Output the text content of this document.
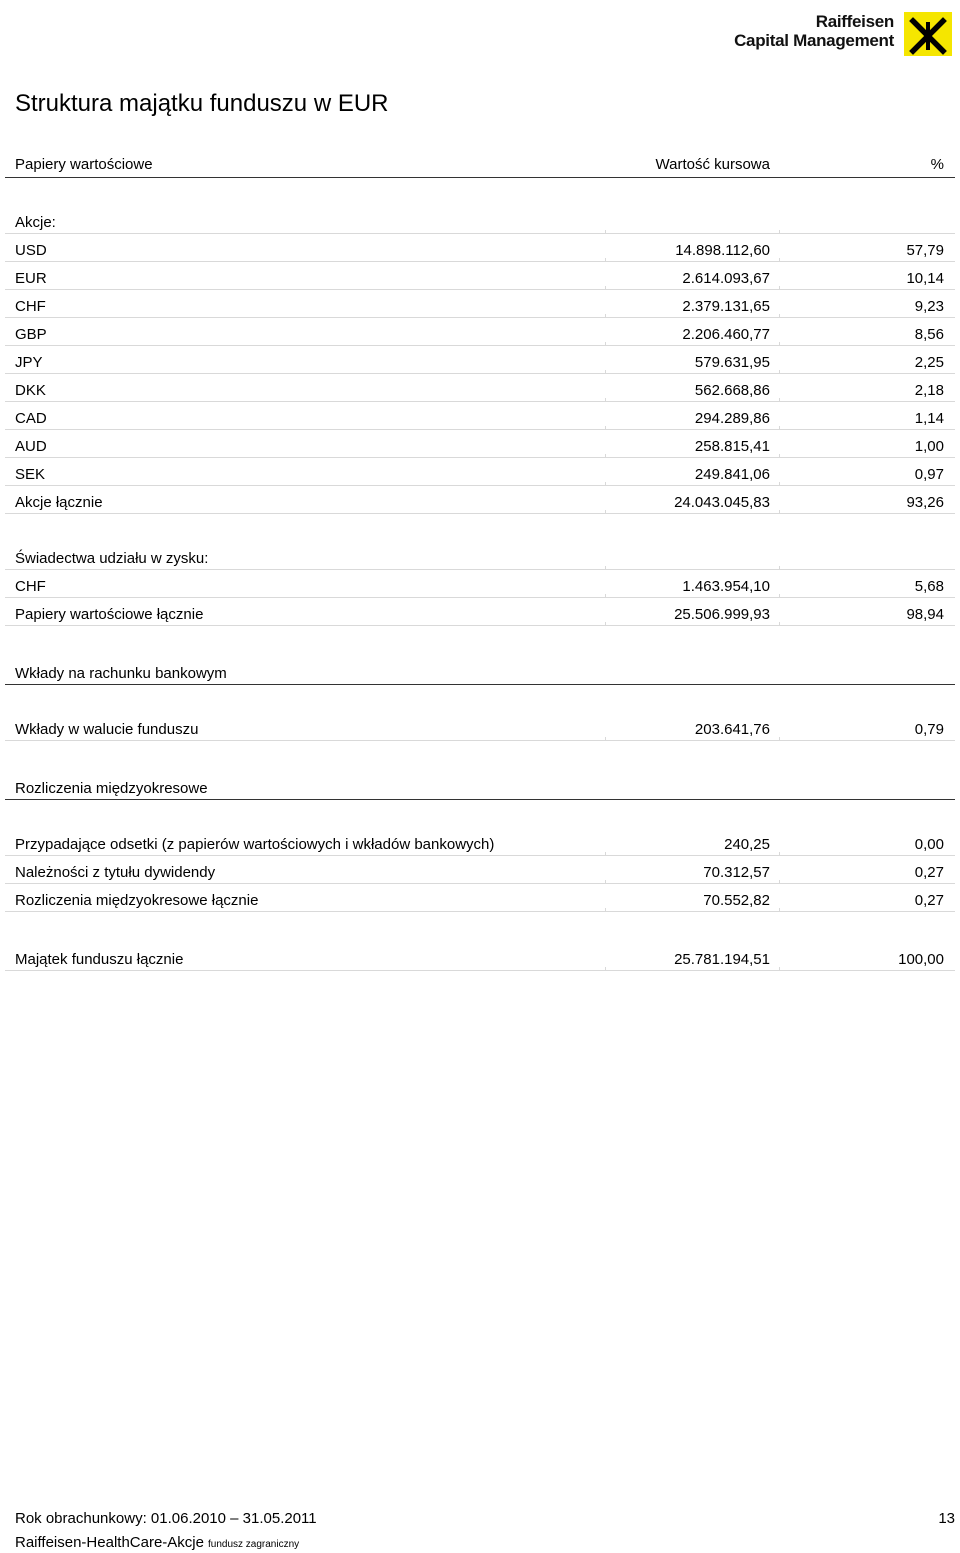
Raiffeisen
Capital Management
Struktura majątku funduszu w EUR
Papiery wartościowe	Wartość kursowa	%
Akcje:
USD	14.898.112,60	57,79
EUR	2.614.093,67	10,14
CHF	2.379.131,65	9,23
GBP	2.206.460,77	8,56
JPY	579.631,95	2,25
DKK	562.668,86	2,18
CAD	294.289,86	1,14
AUD	258.815,41	1,00
SEK	249.841,06	0,97
Akcje łącznie	24.043.045,83	93,26
Świadectwa udziału w zysku:
CHF	1.463.954,10	5,68
Papiery wartościowe łącznie	25.506.999,93	98,94
Wkłady na rachunku bankowym
Wkłady w walucie funduszu	203.641,76	0,79
Rozliczenia międzyokresowe
Przypadające odsetki (z papierów wartościowych i wkładów bankowych)	240,25	0,00
Należności z tytułu dywidendy	70.312,57	0,27
Rozliczenia międzyokresowe łącznie	70.552,82	0,27
Majątek funduszu łącznie	25.781.194,51	100,00
Rok obrachunkowy: 01.06.2010 – 31.05.2011	13
Raiffeisen-HealthCare-Akcje fundusz zagraniczny
